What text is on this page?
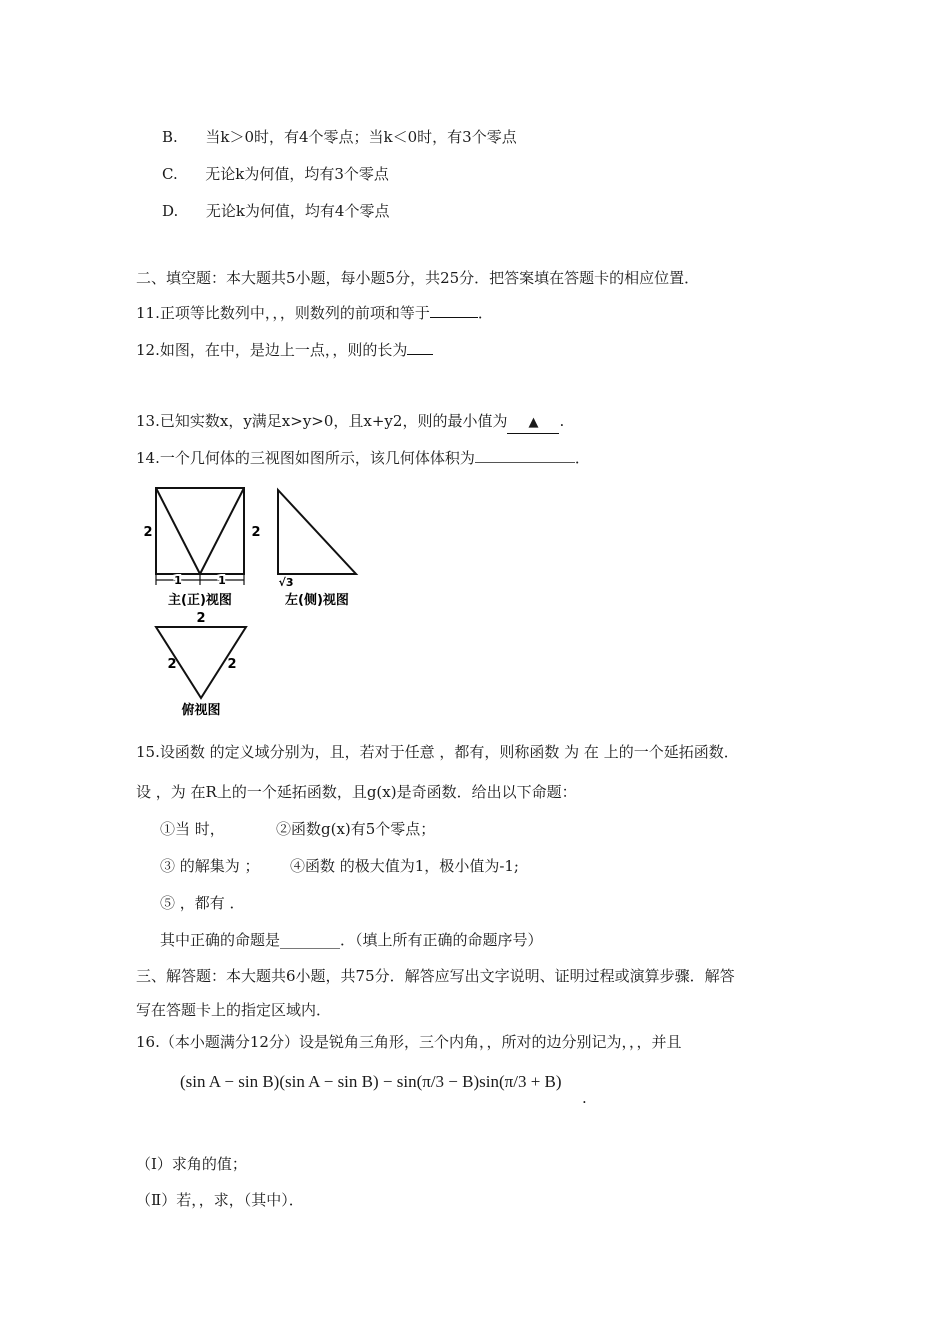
B. 当k＞0时，有4个零点；当k＜0时，有3个零点
C. 无论k为何值，均有3个零点
D. 无论k为何值，均有4个零点
二、填空题：本大题共5小题，每小题5分，共25分．把答案填在答题卡的相应位置．
11.正项等比数列中，，，则数列的前项和等于	．
12.如图，在中，是边上一点，，则的长为
13.已知实数x，y满足x>y>0，且x+y2，则的最小值为 ▲ .
14.一个几何体的三视图如图所示，该几何体体积为	．
2
1	1
主(正)视图
2
√3
左(侧)视图
2
2	2
俯视图
15.设函数 的定义域分别为，且，若对于任意 ，都有，则称函数 为 在 上的一个延拓函数．
设 ，为 在R上的一个延拓函数，且g(x)是奇函数．给出以下命题：
①当 时，	②函数g(x)有5个零点；
③ 的解集为 ； ④函数 的极大值为1，极小值为-1;
⑤ ，都有 ．
其中正确的命题是________．（填上所有正确的命题序号）
三、解答题：本大题共6小题，共75分．解答应写出文字说明、证明过程或演算步骤．解答
写在答题卡上的指定区域内．
16.（本小题满分12分）设是锐角三角形，三个内角，，所对的边分别记为，，，并且
(sin A − sin B)(sin A − sin B) − sin(π/3 − B)sin(π/3 + B)
.
（Ⅰ）求角的值；
（Ⅱ）若，，求，（其中）．
